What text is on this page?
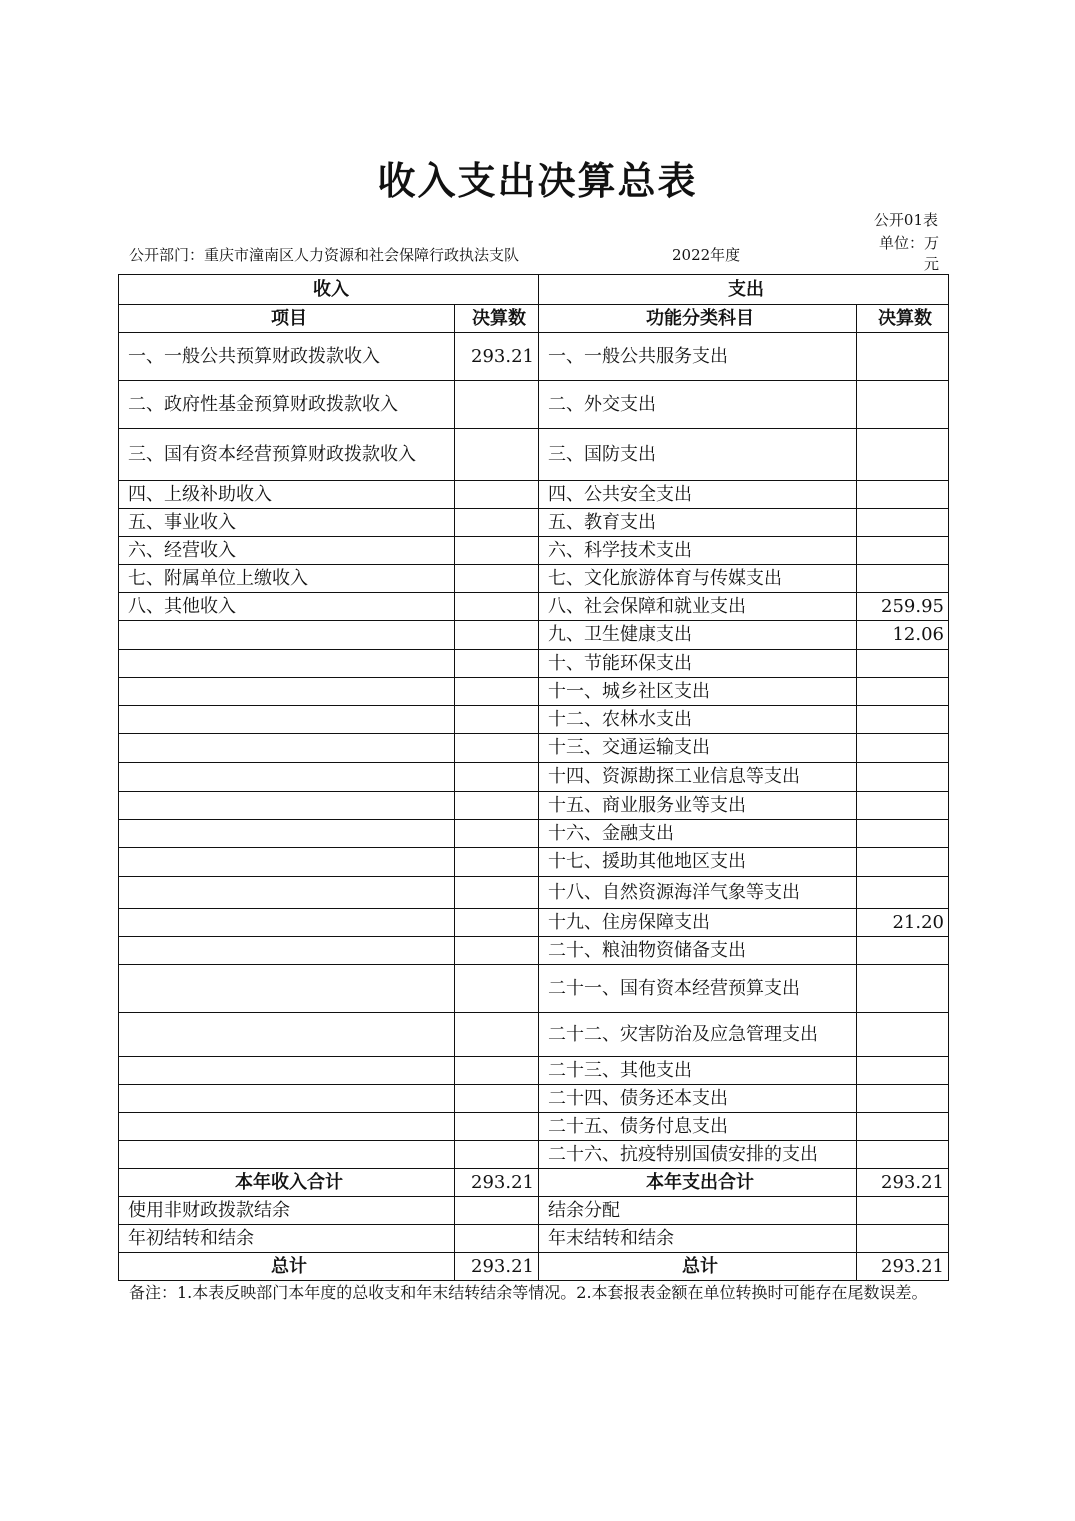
收入支出决算总表
公开01表
公开部门：重庆市潼南区人力资源和社会保障行政执法支队	2022年度
单位：万元
收入		支出	
项目	决算数	功能分类科目	决算数
一、一般公共预算财政拨款收入	293.21	一、一般公共服务支出	
二、政府性基金预算财政拨款收入		二、外交支出	
三、国有资本经营预算财政拨款收入		三、国防支出	
四、上级补助收入		四、公共安全支出	
五、事业收入		五、教育支出	
六、经营收入		六、科学技术支出	
七、附属单位上缴收入		七、文化旅游体育与传媒支出	
八、其他收入		八、社会保障和就业支出	259.95
		九、卫生健康支出	12.06
		十、节能环保支出	
		十一、城乡社区支出	
		十二、农林水支出	
		十三、交通运输支出	
		十四、资源勘探工业信息等支出	
		十五、商业服务业等支出	
		十六、金融支出	
		十七、援助其他地区支出	
		十八、自然资源海洋气象等支出	
		十九、住房保障支出	21.20
		二十、粮油物资储备支出	
		二十一、国有资本经营预算支出	
		二十二、灾害防治及应急管理支出	
		二十三、其他支出	
		二十四、债务还本支出	
		二十五、债务付息支出	
		二十六、抗疫特别国债安排的支出	
本年收入合计	293.21	本年支出合计	293.21
使用非财政拨款结余		结余分配	
年初结转和结余		年末结转和结余	
总计	293.21	总计	293.21
备注：1.本表反映部门本年度的总收支和年末结转结余等情况。2.本套报表金额在单位转换时可能存在尾数误差。
